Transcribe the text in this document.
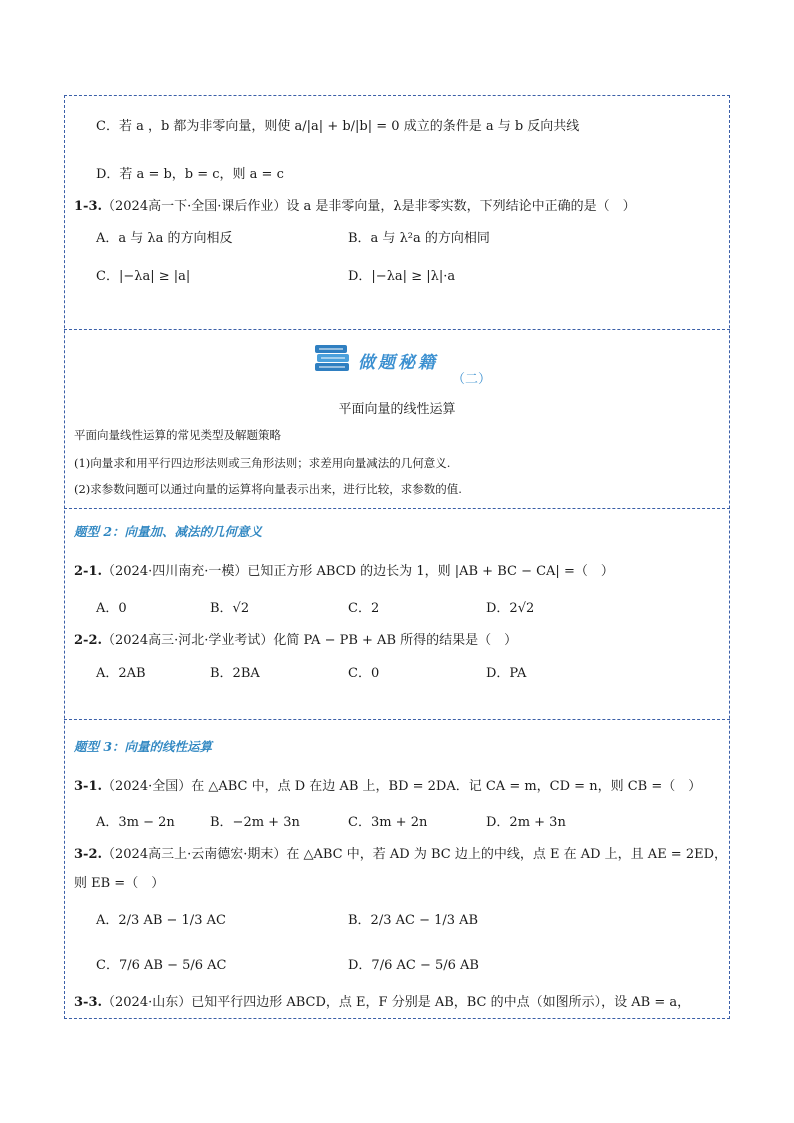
C．若 a ，b 都为非零向量，则使 a/|a| + b/|b| = 0 成立的条件是 a 与 b 反向共线
D．若 a = b，b = c，则 a = c
1-3.（2024高一下·全国·课后作业）设 a 是非零向量，λ是非零实数，下列结论中正确的是（　）
A．a 与 λa 的方向相反	B．a 与 λ²a 的方向相同
C．|−λa| ≥ |a|	D．|−λa| ≥ |λ|·a
做题秘籍
（二）
平面向量的线性运算
平面向量线性运算的常见类型及解题策略
(1)向量求和用平行四边形法则或三角形法则；求差用向量减法的几何意义.
(2)求参数问题可以通过向量的运算将向量表示出来，进行比较，求参数的值.
题型 2：向量加、减法的几何意义
2-1.（2024·四川南充·一模）已知正方形 ABCD 的边长为 1，则 |AB + BC − CA| =（　）
A．0	B．√2	C．2	D．2√2
2-2.（2024高三·河北·学业考试）化简 PA − PB + AB 所得的结果是（　）
A．2AB	B．2BA	C．0	D．PA
题型 3：向量的线性运算
3-1.（2024·全国）在 △ABC 中，点 D 在边 AB 上，BD = 2DA．记 CA = m，CD = n，则 CB =（　）
A．3m − 2n	B．−2m + 3n	C．3m + 2n	D．2m + 3n
3-2.（2024高三上·云南德宏·期末）在 △ABC 中，若 AD 为 BC 边上的中线，点 E 在 AD 上，且 AE = 2ED，
则 EB =（　）
A．2/3 AB − 1/3 AC	B．2/3 AC − 1/3 AB
C．7/6 AB − 5/6 AC	D．7/6 AC − 5/6 AB
3-3.（2024·山东）已知平行四边形 ABCD，点 E，F 分别是 AB，BC 的中点（如图所示），设 AB = a，
